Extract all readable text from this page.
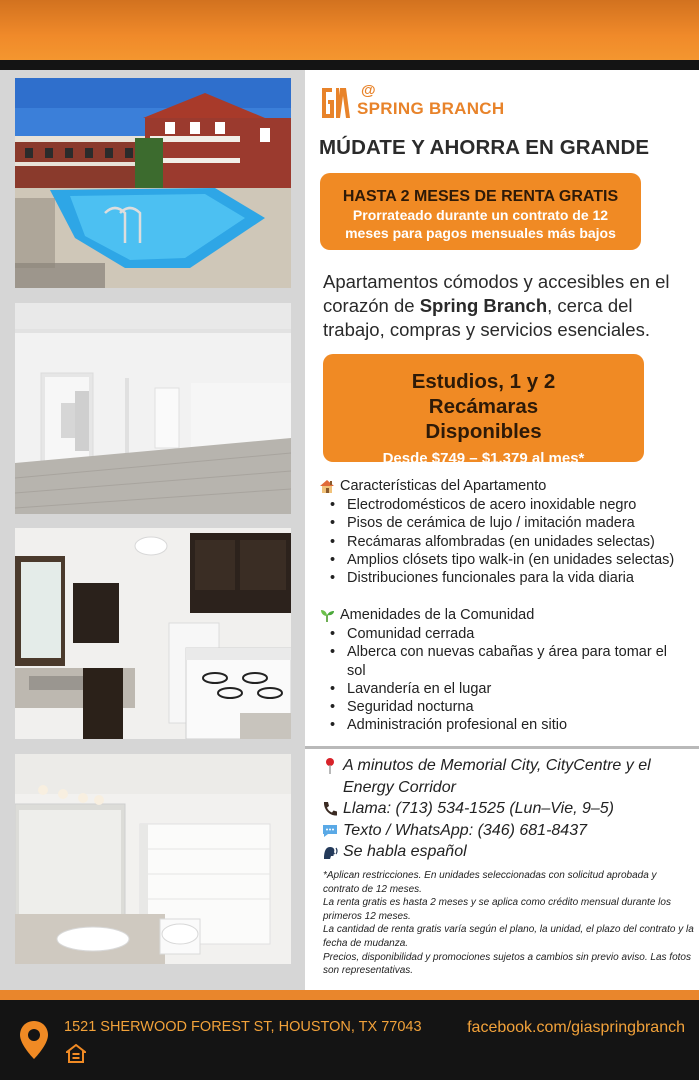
@
SPRING BRANCH
MÚDATE Y AHORRA EN GRANDE
HASTA 2 MESES DE RENTA GRATIS
Prorrateado durante un contrato de 12
meses para pagos mensuales más bajos

Apartamentos cómodos y accesibles en el corazón de Spring Branch, cerca del trabajo, compras y servicios esenciales.

Estudios, 1 y 2 Recámaras Disponibles
Desde $749 – $1,379 al mes*
Características del Apartamento
• Electrodomésticos de acero inoxidable negro
• Pisos de cerámica de lujo / imitación madera
• Recámaras alfombradas (en unidades selectas)
• Amplios clósets tipo walk-in (en unidades selectas)
• Distribuciones funcionales para la vida diaria
Amenidades de la Comunidad
• Comunidad cerrada
• Alberca con nuevas cabañas y área para tomar el sol
• Lavandería en el lugar
• Seguridad nocturna
• Administración profesional en sitio
A minutos de Memorial City, CityCentre y el Energy Corridor
Llama: (713) 534-1525 (Lun–Vie, 9–5)
Texto / WhatsApp: (346) 681-8437
Se habla español
*Aplican restricciones. En unidades seleccionadas con solicitud aprobada y contrato de 12 meses.
La renta gratis es hasta 2 meses y se aplica como crédito mensual durante los primeros 12 meses.
La cantidad de renta gratis varía según el plano, la unidad, el plazo del contrato y la fecha de mudanza.
Precios, disponibilidad y promociones sujetos a cambios sin previo aviso. Las fotos son representativas.
1521 SHERWOOD FOREST ST, HOUSTON, TX 77043	facebook.com/giaspringbranch
